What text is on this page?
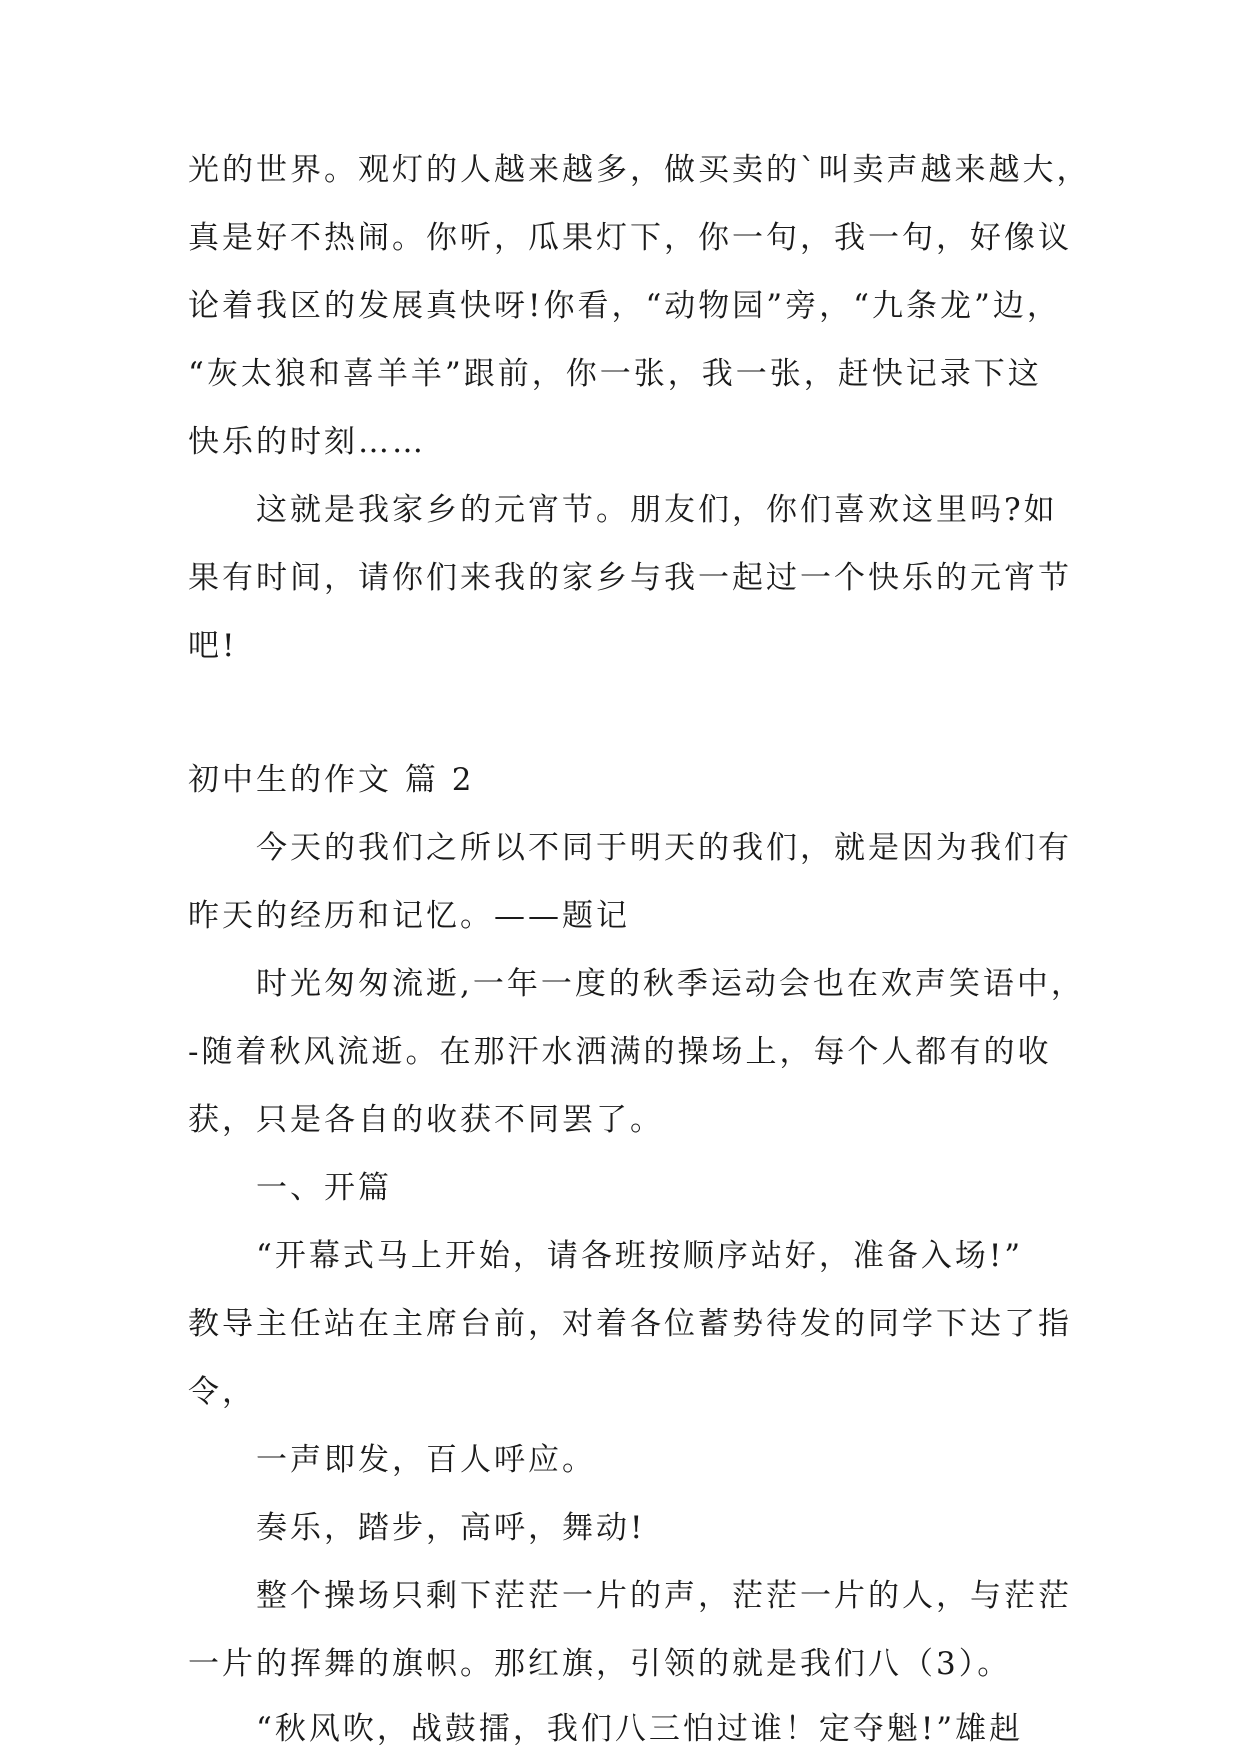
光的世界。观灯的人越来越多，做买卖的`叫卖声越来越大，
真是好不热闹。你听，瓜果灯下，你一句，我一句，好像议
论着我区的发展真快呀!你看，“动物园”旁，“九条龙”边，
“灰太狼和喜羊羊”跟前，你一张，我一张，赶快记录下这
快乐的时刻……
这就是我家乡的元宵节。朋友们，你们喜欢这里吗?如
果有时间，请你们来我的家乡与我一起过一个快乐的元宵节
吧!
初中生的作文 篇 2
今天的我们之所以不同于明天的我们，就是因为我们有
昨天的经历和记忆。——题记
时光匆匆流逝,一年一度的秋季运动会也在欢声笑语中，
-随着秋风流逝。在那汗水洒满的操场上，每个人都有的收
获，只是各自的收获不同罢了。
一、开篇
“开幕式马上开始，请各班按顺序站好，准备入场!”
教导主任站在主席台前，对着各位蓄势待发的同学下达了指
令，
一声即发，百人呼应。
奏乐，踏步，高呼，舞动!
整个操场只剩下茫茫一片的声，茫茫一片的人，与茫茫
一片的挥舞的旗帜。那红旗，引领的就是我们八（3）。
“秋风吹，战鼓擂，我们八三怕过谁！定夺魁!”雄赳
